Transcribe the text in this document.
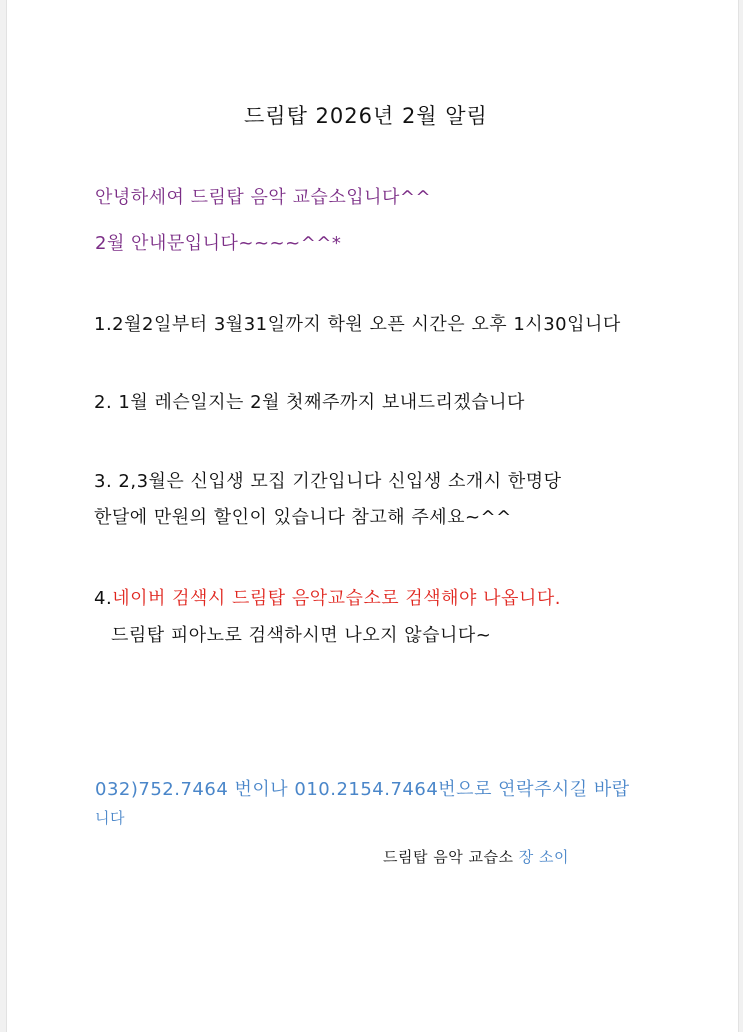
드림탑 2026년 2월 알림
안녕하세여 드림탑 음악 교습소입니다^^
2월 안내문입니다~~~~^^*
1.2월2일부터 3월31일까지 학원 오픈 시간은 오후 1시30입니다
2. 1월 레슨일지는 2월 첫째주까지 보내드리겠습니다
3. 2,3월은 신입생 모집 기간입니다 신입생 소개시 한명당
한달에 만원의 할인이 있습니다 참고해 주세요~^^
4.네이버 검색시 드림탑 음악교습소로 검색해야 나옵니다.
드림탑 피아노로 검색하시면 나오지 않습니다~
032)752.7464 번이나 010.2154.7464번으로 연락주시길 바랍
니다
드림탑 음악 교습소 장 소이
